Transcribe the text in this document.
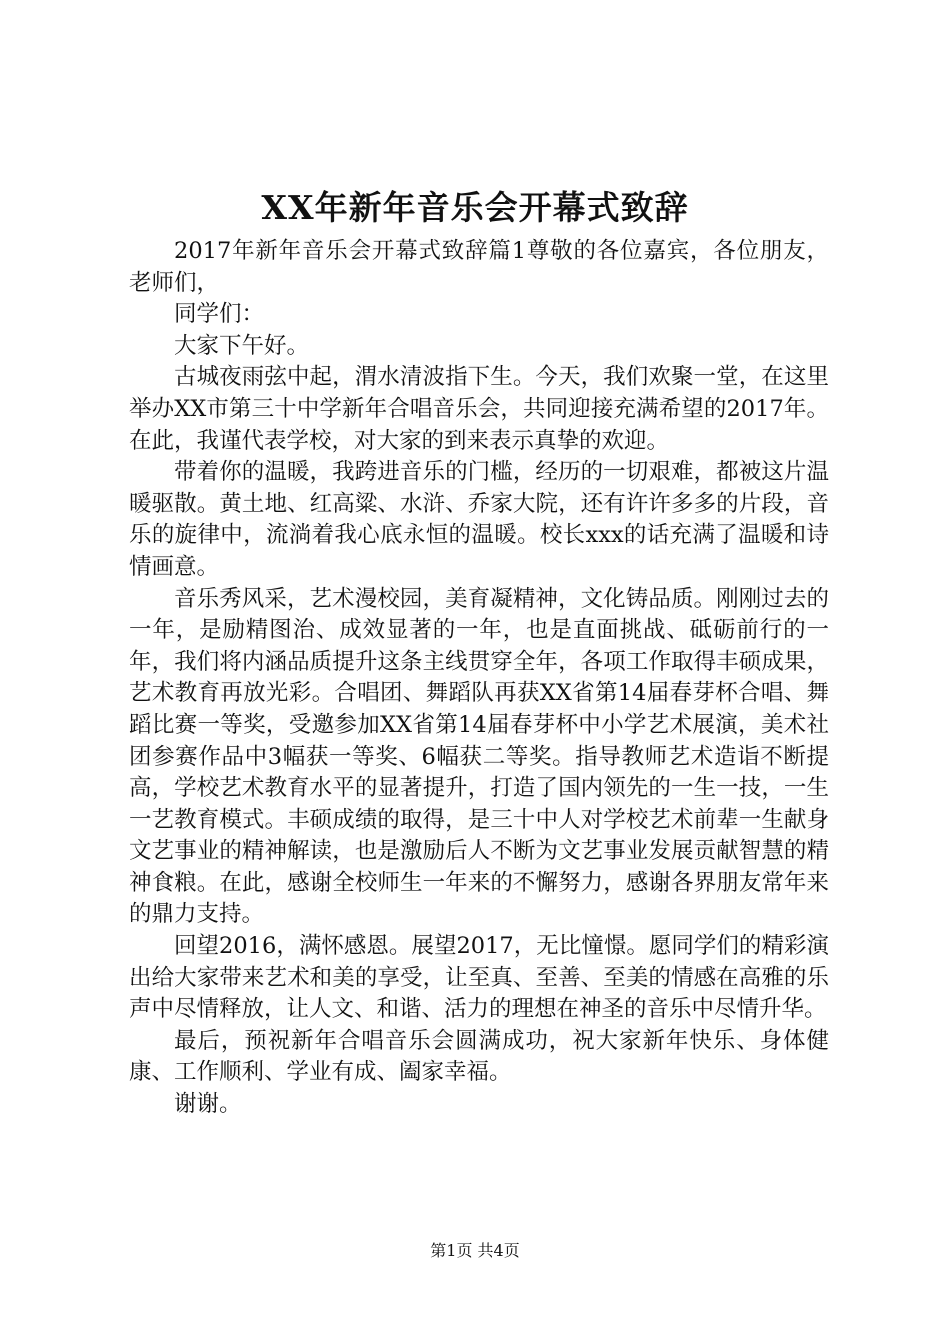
XX年新年音乐会开幕式致辞

2017年新年音乐会开幕式致辞篇1尊敬的各位嘉宾，各位朋友，老师们，

同学们：

大家下午好。

古城夜雨弦中起，渭水清波指下生。今天，我们欢聚一堂，在这里举办XX市第三十中学新年合唱音乐会，共同迎接充满希望的2017年。在此，我谨代表学校，对大家的到来表示真挚的欢迎。

带着你的温暖，我跨进音乐的门槛，经历的一切艰难，都被这片温暖驱散。黄土地、红高粱、水浒、乔家大院，还有许许多多的片段，音乐的旋律中，流淌着我心底永恒的温暖。校长xxx的话充满了温暖和诗情画意。

音乐秀风采，艺术漫校园，美育凝精神，文化铸品质。刚刚过去的一年，是励精图治、成效显著的一年，也是直面挑战、砥砺前行的一年，我们将内涵品质提升这条主线贯穿全年，各项工作取得丰硕成果，艺术教育再放光彩。合唱团、舞蹈队再获XX省第14届春芽杯合唱、舞蹈比赛一等奖，受邀参加XX省第14届春芽杯中小学艺术展演，美术社团参赛作品中3幅获一等奖、6幅获二等奖。指导教师艺术造诣不断提高，学校艺术教育水平的显著提升，打造了国内领先的一生一技，一生一艺教育模式。丰硕成绩的取得，是三十中人对学校艺术前辈一生献身文艺事业的精神解读，也是激励后人不断为文艺事业发展贡献智慧的精神食粮。在此，感谢全校师生一年来的不懈努力，感谢各界朋友常年来的鼎力支持。

回望2016，满怀感恩。展望2017，无比憧憬。愿同学们的精彩演出给大家带来艺术和美的享受，让至真、至善、至美的情感在高雅的乐声中尽情释放，让人文、和谐、活力的理想在神圣的音乐中尽情升华。

最后，预祝新年合唱音乐会圆满成功，祝大家新年快乐、身体健康、工作顺利、学业有成、阖家幸福。

谢谢。

第1页 共4页
